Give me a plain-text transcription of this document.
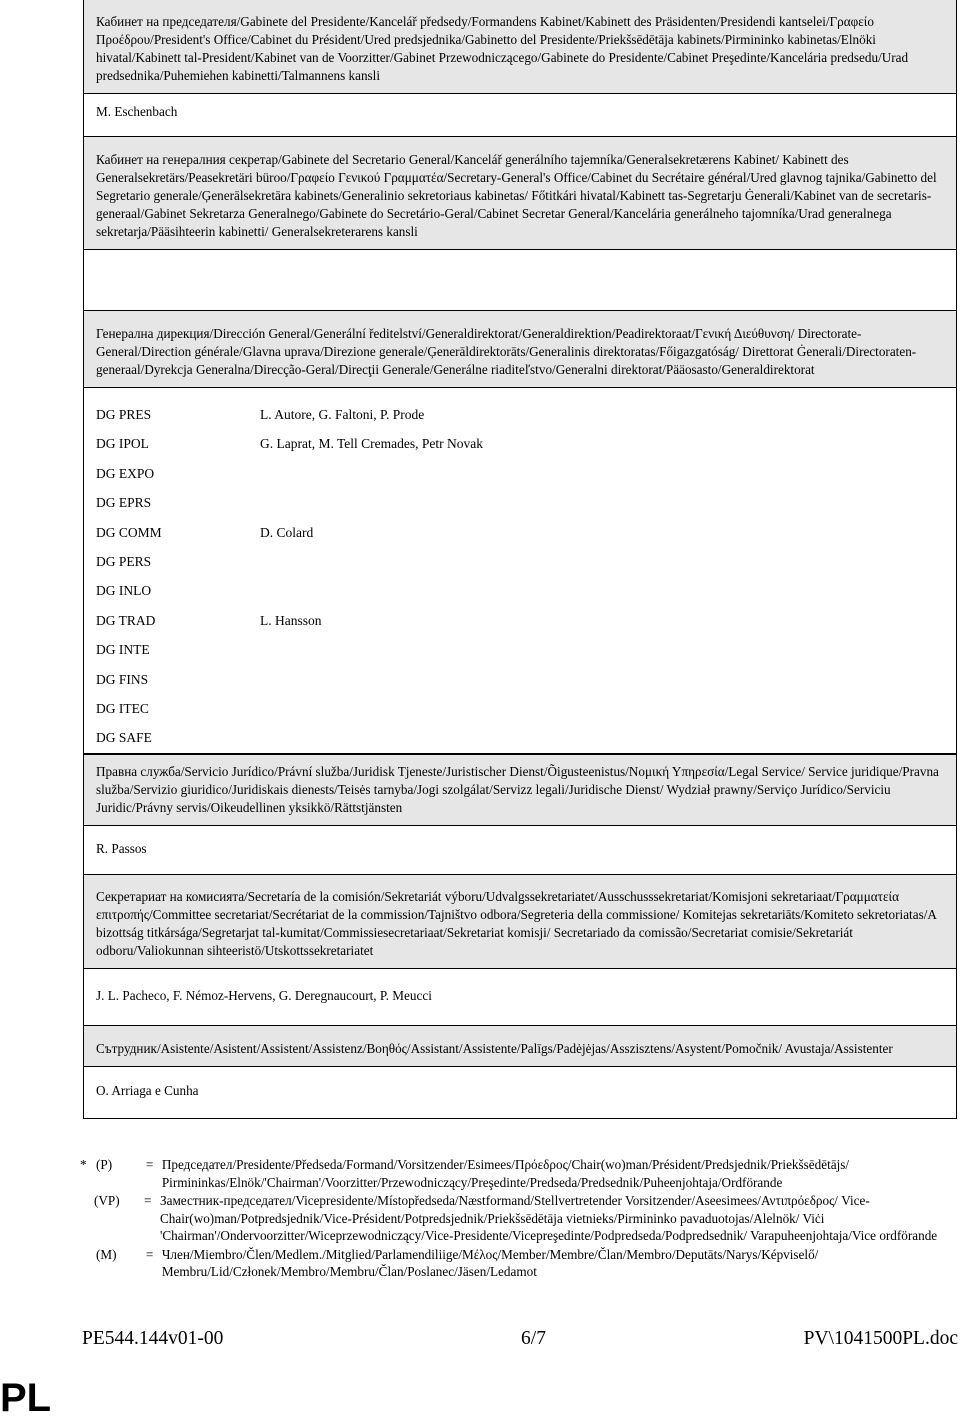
Кабинет на председателя/Gabinete del Presidente/Kancelář předsedy/Formandens Kabinet/Kabinett des Präsidenten/Presidendi kantselei/Γραφείο Προέδρου/President's Office/Cabinet du Président/Ured predsjednika/Gabinetto del Presidente/Priekšsēdētāja kabinets/Pirmininko kabinetas/Elnöki hivatal/Kabinett tal-President/Kabinet van de Voorzitter/Gabinet Przewodniczącego/Gabinete do Presidente/Cabinet Preşedinte/Kancelária predsedu/Urad predsednika/Puhemiehen kabinetti/Talmannens kansli
M. Eschenbach
Кабинет на генералния секретар/Gabinete del Secretario General/Kancelář generálního tajemníka/Generalsekretærens Kabinet/ Kabinett des Generalsekretärs/Peasekretäri büroo/Γραφείο Γενικού Γραμματέα/Secretary-General's Office/Cabinet du Secrétaire général/Ured glavnog tajnika/Gabinetto del Segretario generale/Ģenerālsekretāra kabinets/Generalinio sekretoriaus kabinetas/ Főtitkári hivatal/Kabinett tas-Segretarju Ġenerali/Kabinet van de secretaris-generaal/Gabinet Sekretarza Generalnego/Gabinete do Secretário-Geral/Cabinet Secretar General/Kancelária generálneho tajomníka/Urad generalnega sekretarja/Pääsihteerin kabinetti/ Generalsekreterarens kansli
Генерална дирекция/Dirección General/Generální ředitelství/Generaldirektorat/Generaldirektion/Peadirektoraat/Γενική Διεύθυνση/ Directorate-General/Direction générale/Glavna uprava/Direzione generale/Ģenerāldirektorāts/Generalinis direktoratas/Főigazgatóság/ Direttorat Ġenerali/Directoraten-generaal/Dyrekcja Generalna/Direcção-Geral/Direcţii Generale/Generálne riaditeľstvo/Generalni direktorat/Pääosasto/Generaldirektorat
DG PRES	L. Autore, G. Faltoni, P. Prode
DG IPOL	G. Laprat, M. Tell Cremades, Petr Novak
DG EXPO
DG EPRS
DG COMM	D. Colard
DG PERS
DG INLO
DG TRAD	L. Hansson
DG INTE
DG FINS
DG ITEC
DG SAFE
Правна служба/Servicio Jurídico/Právní služba/Juridisk Tjeneste/Juristischer Dienst/Õigusteenistus/Νομική Υπηρεσία/Legal Service/ Service juridique/Pravna služba/Servizio giuridico/Juridiskais dienests/Teisės tarnyba/Jogi szolgálat/Servizz legali/Juridische Dienst/ Wydział prawny/Serviço Jurídico/Serviciu Juridic/Právny servis/Oikeudellinen yksikkö/Rättstjänsten
R. Passos
Секретариат на комисията/Secretaría de la comisión/Sekretariát výboru/Udvalgssekretariatet/Ausschusssekretariat/Komisjoni sekretariaat/Γραμματεία επιτροπής/Committee secretariat/Secrétariat de la commission/Tajništvo odbora/Segreteria della commissione/ Komitejas sekretariāts/Komiteto sekretoriatas/A bizottság titkársága/Segretarjat tal-kumitat/Commissiesecretariaat/Sekretariat komisji/ Secretariado da comissão/Secretariat comisie/Sekretariát odboru/Valiokunnan sihteeristö/Utskottssekretariatet
J. L. Pacheco, F. Némoz-Hervens, G. Deregnaucourt, P. Meucci
Сътрудник/Asistente/Asistent/Assistent/Assistenz/Βοηθός/Assistant/Assistente/Palīgs/Padėjėjas/Asszisztens/Asystent/Pomočnik/ Avustaja/Assistenter
O. Arriaga e Cunha
* (P)	= Председател/Presidente/Předseda/Formand/Vorsitzender/Esimees/Πρόεδρος/Chair(wo)man/Président/Predsjednik/Priekšsēdētājs/ Pirmininkas/Elnök/'Chairman'/Voorzitter/Przewodniczący/Preşedinte/Predseda/Predsednik/Puheenjohtaja/Ordförande
(VP)	= Заместник-председател/Vicepresidente/Místopředseda/Næstformand/Stellvertretender Vorsitzender/Aseesimees/Αντιπρόεδρος/ Vice-Chair(wo)man/Potpredsjednik/Vice-Président/Potpredsjednik/Priekšsēdētāja vietnieks/Pirmininko pavaduotojas/Alelnök/ Viċi 'Chairman'/Ondervoorzitter/Wiceprzewodniczący/Vice-Presidente/Vicepreşedinte/Podpredseda/Podpredsednik/ Varapuheenjohtaja/Vice ordförande
(M)	= Член/Miembro/Člen/Medlem./Mitglied/Parlamendiliige/Μέλος/Member/Membre/Član/Membro/Deputāts/Narys/Képviselő/ Membru/Lid/Członek/Membro/Membru/Član/Poslanec/Jäsen/Ledamot
PE544.144v01-00	6/7	PV\1041500PL.doc
PL
